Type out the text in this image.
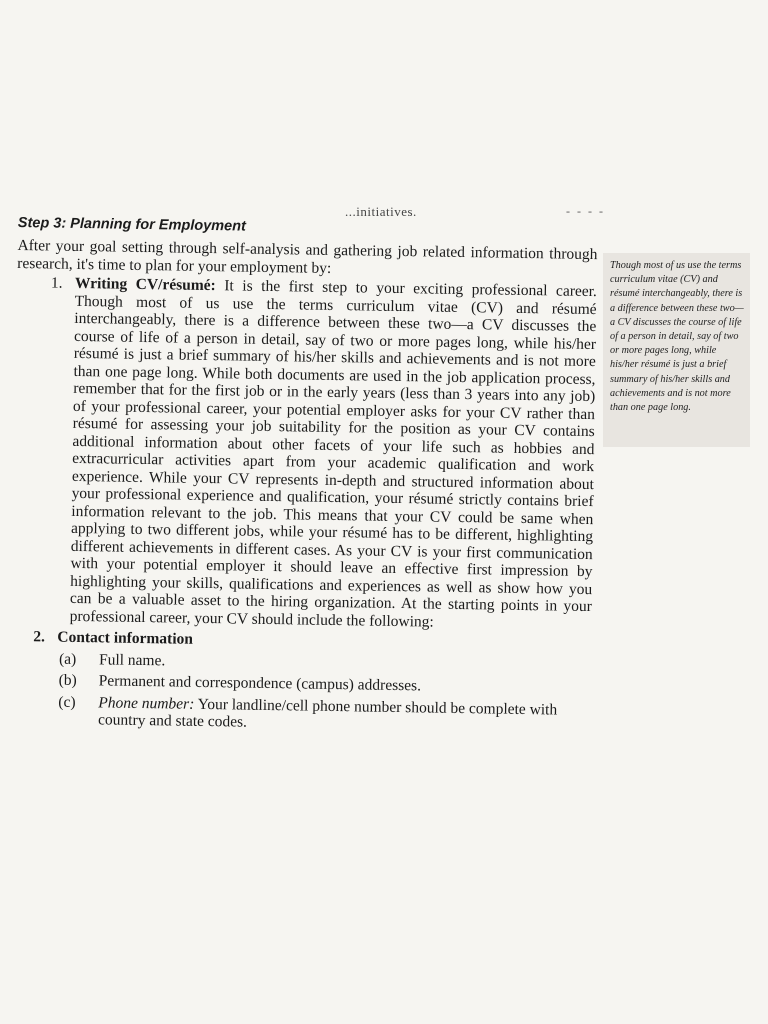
...initiatives.	- - - -
Step 3: Planning for Employment

After your goal setting through self-analysis and gathering job related information through research, it's time to plan for your employment by:

1. Writing CV/résumé: It is the first step to your exciting professional career. Though most of us use the terms curriculum vitae (CV) and résumé interchangeably, there is a difference between these two—a CV discusses the course of life of a person in detail, say of two or more pages long, while his/her résumé is just a brief summary of his/her skills and achievements and is not more than one page long. While both documents are used in the job application process, remember that for the first job or in the early years (less than 3 years into any job) of your professional career, your potential employer asks for your CV rather than résumé for assessing your job suitability for the position as your CV contains additional information about other facets of your life such as hobbies and extracurricular activities apart from your academic qualification and work experience. While your CV represents in-depth and structured information about your professional experience and qualification, your résumé strictly contains brief information relevant to the job. This means that your CV could be same when applying to two different jobs, while your résumé has to be different, highlighting different achievements in different cases. As your CV is your first communication with your potential employer it should leave an effective first impression by highlighting your skills, qualifications and experiences as well as show how you can be a valuable asset to the hiring organization. At the starting points in your professional career, your CV should include the following:
2. Contact information
(a)	Full name.
(b)	Permanent and correspondence (campus) addresses.
(c)	Phone number: Your landline/cell phone number should be complete with country and state codes.

Though most of us use the terms curriculum vitae (CV) and résumé interchangeably, there is a difference between these two—a CV discusses the course of life of a person in detail, say of two or more pages long, while his/her résumé is just a brief summary of his/her skills and achievements and is not more than one page long.
